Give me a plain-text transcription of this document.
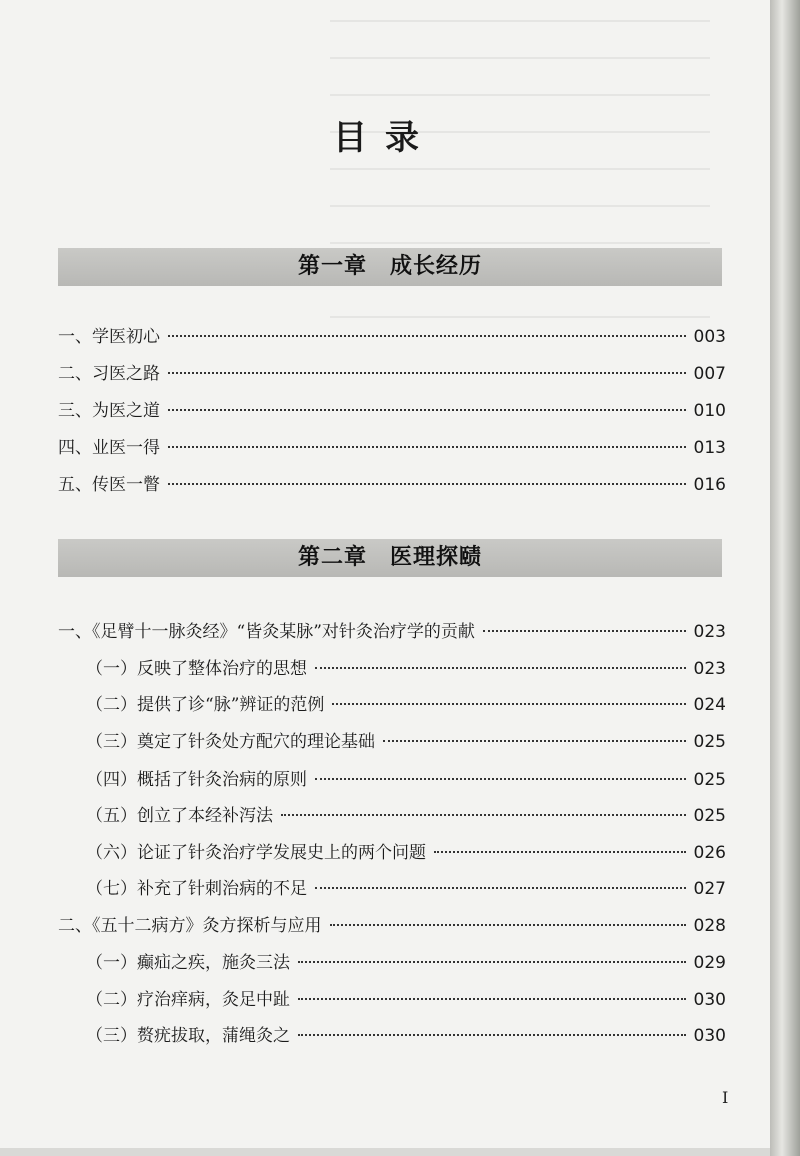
目录
第一章　成长经历
一、学医初心	003
二、习医之路	007
三、为医之道	010
四、业医一得	013
五、传医一瞥	016
第二章　医理探赜
一、《足臂十一脉灸经》“皆灸某脉”对针灸治疗学的贡献	023
（一）反映了整体治疗的思想	023
（二）提供了诊“脉”辨证的范例	024
（三）奠定了针灸处方配穴的理论基础	025
（四）概括了针灸治病的原则	025
（五）创立了本经补泻法	025
（六）论证了针灸治疗学发展史上的两个问题	026
（七）补充了针刺治病的不足	027
二、《五十二病方》灸方探析与应用	028
（一）癫疝之疾，施灸三法	029
（二）疗治痒病，灸足中趾	030
（三）赘疣拔取，蒲绳灸之	030
I
